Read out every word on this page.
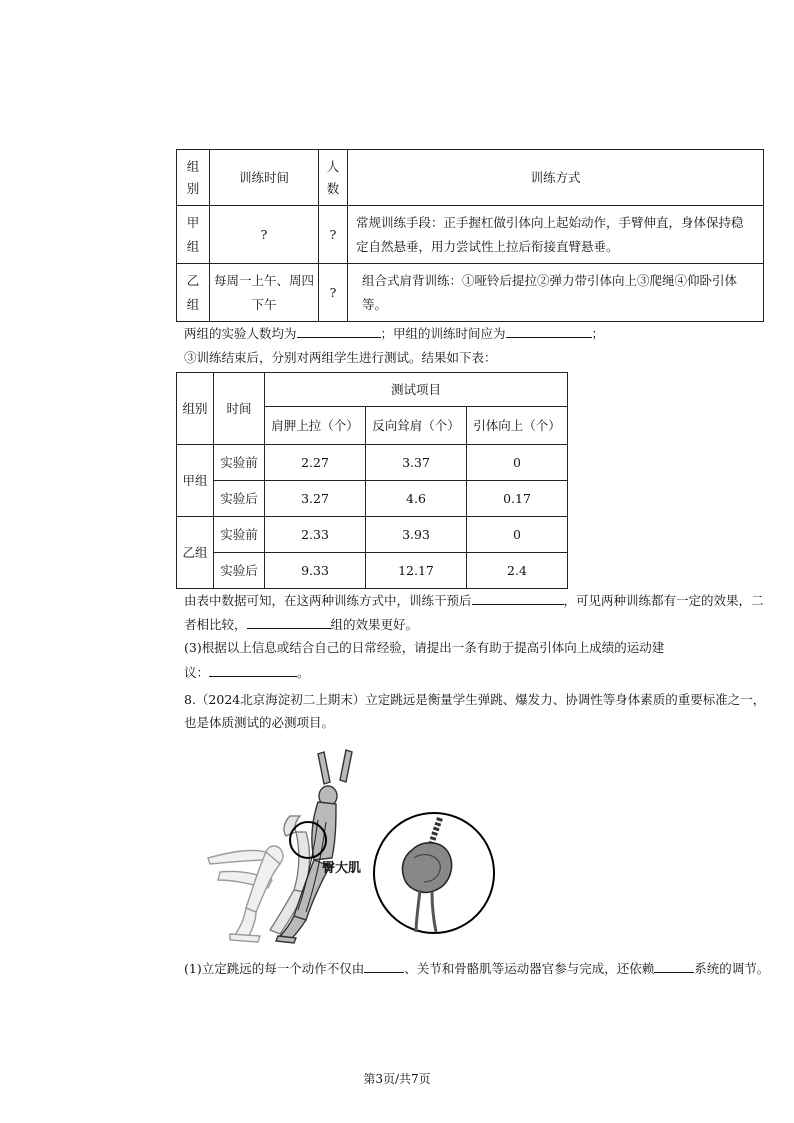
组别	训练时间	人数	训练方式
甲组	?	?	常规训练手段：正手握杠做引体向上起始动作，手臂伸直，身体保持稳定自然悬垂，用力尝试性上拉后衔接直臂悬垂。
乙组	每周一上午、周四下午	?	组合式肩背训练：①哑铃后提拉②弹力带引体向上③爬绳④仰卧引体等。
两组的实验人数均为	；甲组的训练时间应为	；
③训练结束后，分别对两组学生进行测试。结果如下表：
组别	时间	测试项目		
		肩胛上拉（个）	反向耸肩（个）	引体向上（个）
甲组	实验前	2.27	3.37	0
	实验后	3.27	4.6	0.17
乙组	实验前	2.33	3.93	0
	实验后	9.33	12.17	2.4
由表中数据可知，在这两种训练方式中，训练干预后	，可见两种训练都有一定的效果，二
者相比较，	组的效果更好。
(3)根据以上信息或结合自己的日常经验，请提出一条有助于提高引体向上成绩的运动建
议：	。
8.（2024北京海淀初二上期末）立定跳远是衡量学生弹跳、爆发力、协调性等身体素质的重要标准之一，
也是体质测试的必测项目。
臀大肌
(1)立定跳远的每一个动作不仅由	、关节和骨骼肌等运动器官参与完成，还依赖	系统的调节。
第3页/共7页
